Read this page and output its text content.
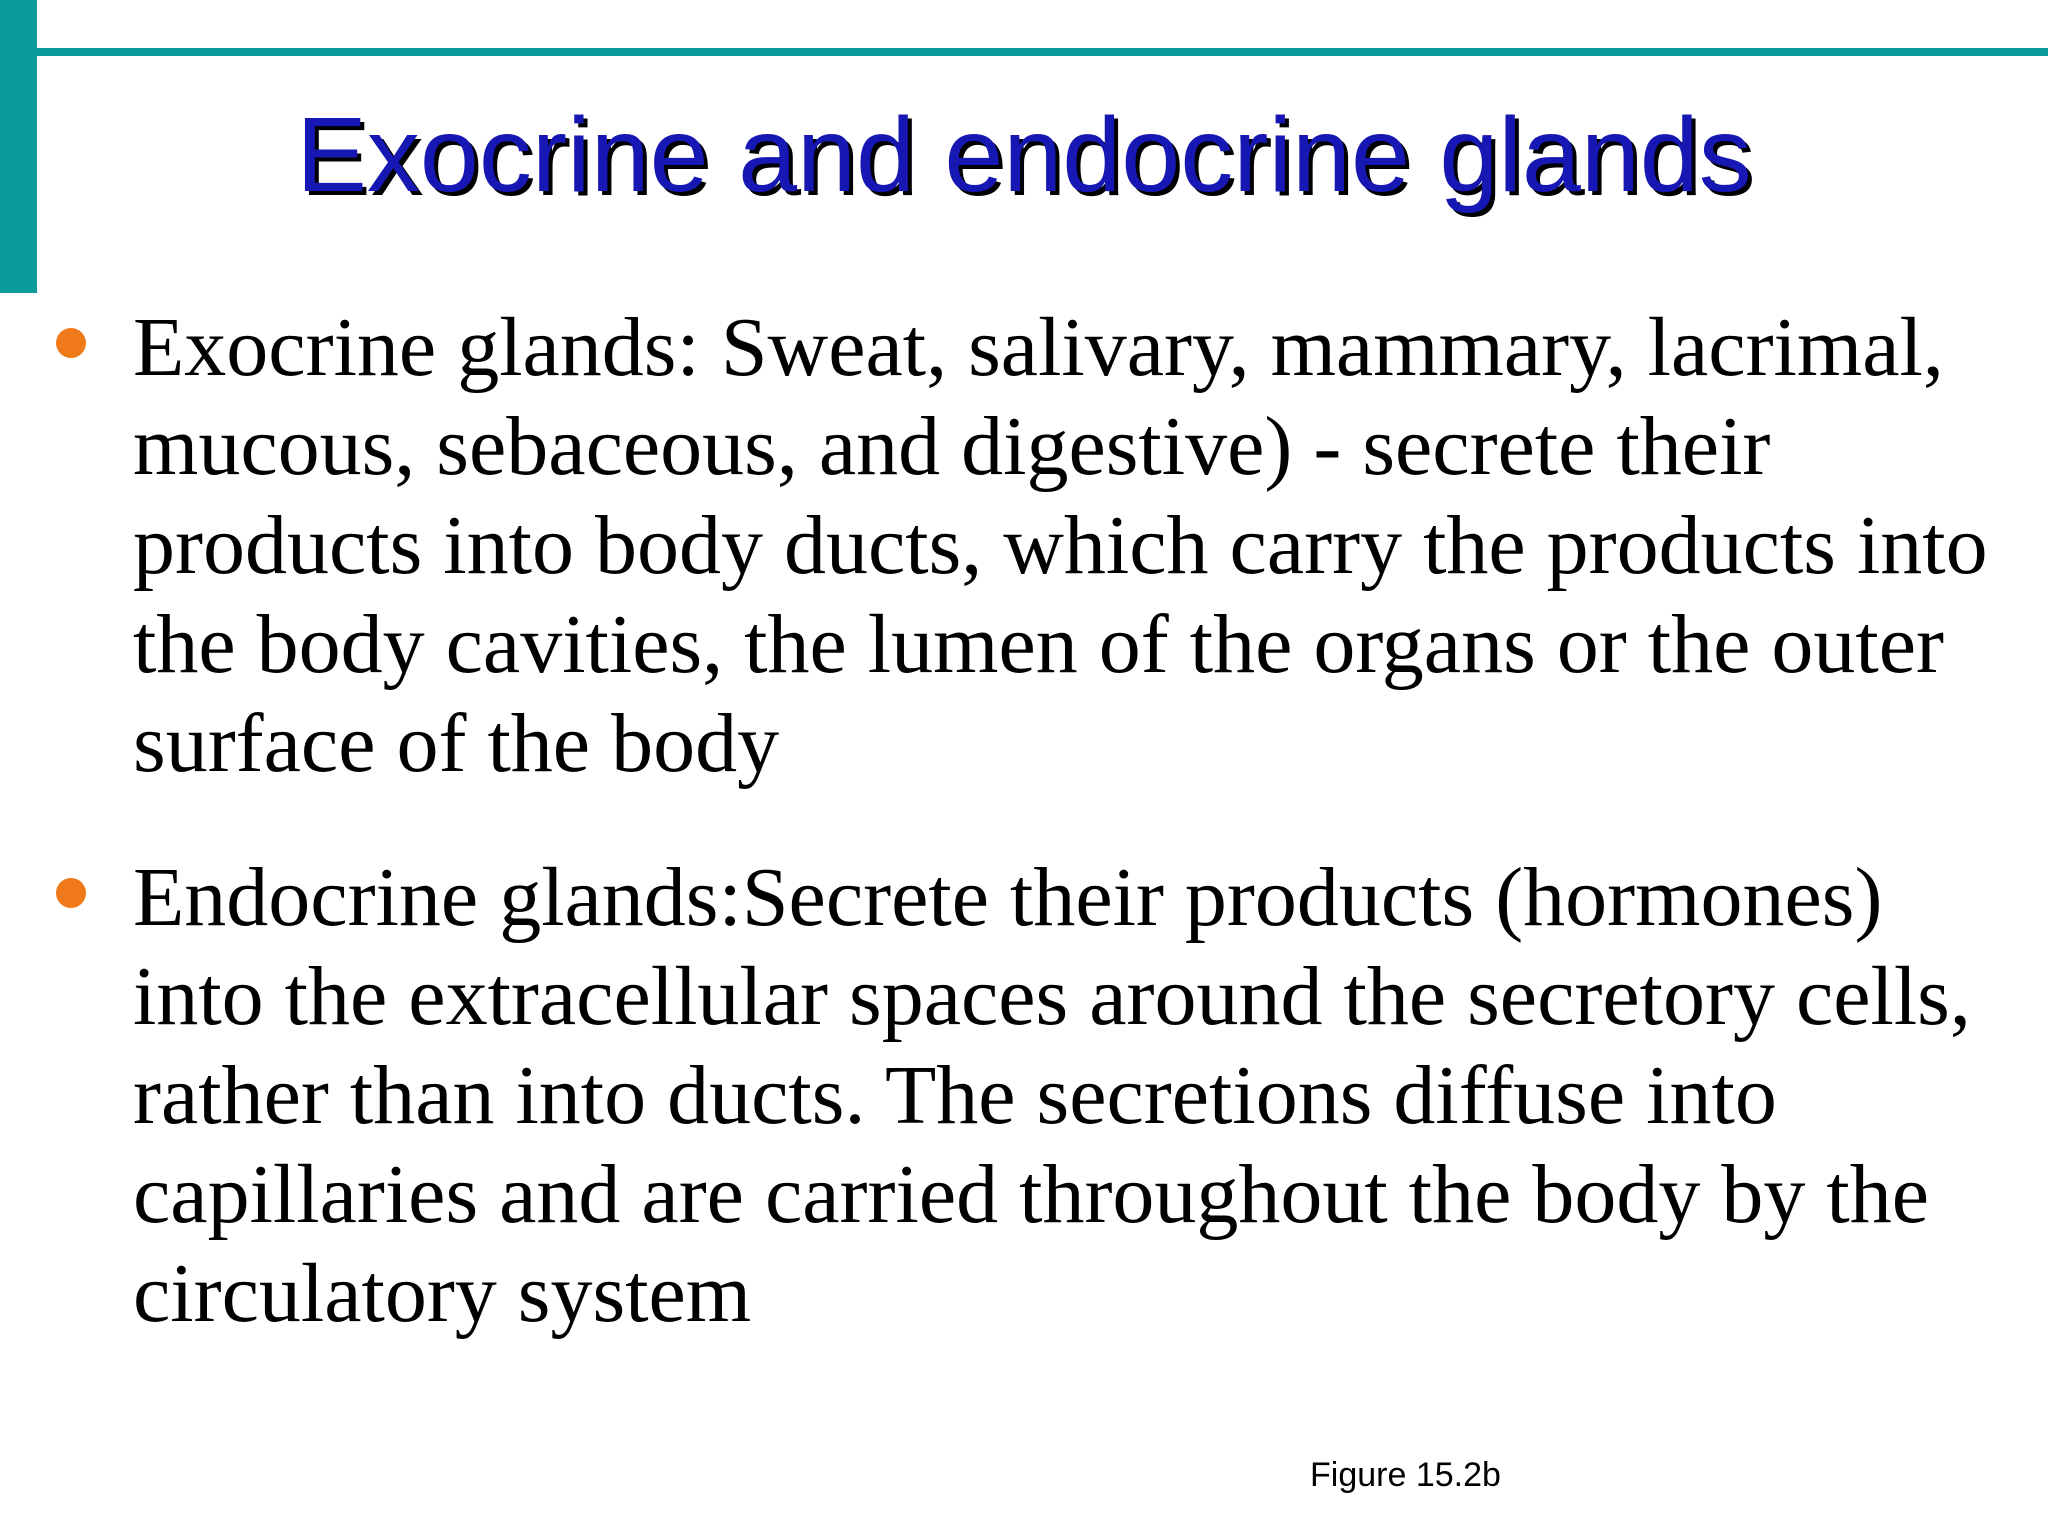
Exocrine and endocrine glands
Exocrine glands: Sweat, salivary, mammary, lacrimal, mucous, sebaceous, and digestive) - secrete their products into body ducts, which carry the products into the body cavities, the lumen of the organs or the outer surface of the body
Endocrine glands:Secrete their products (hormones) into the extracellular spaces around the secretory cells, rather than into ducts. The secretions diffuse into capillaries and are carried throughout the body by the circulatory system
Figure 15.2b
